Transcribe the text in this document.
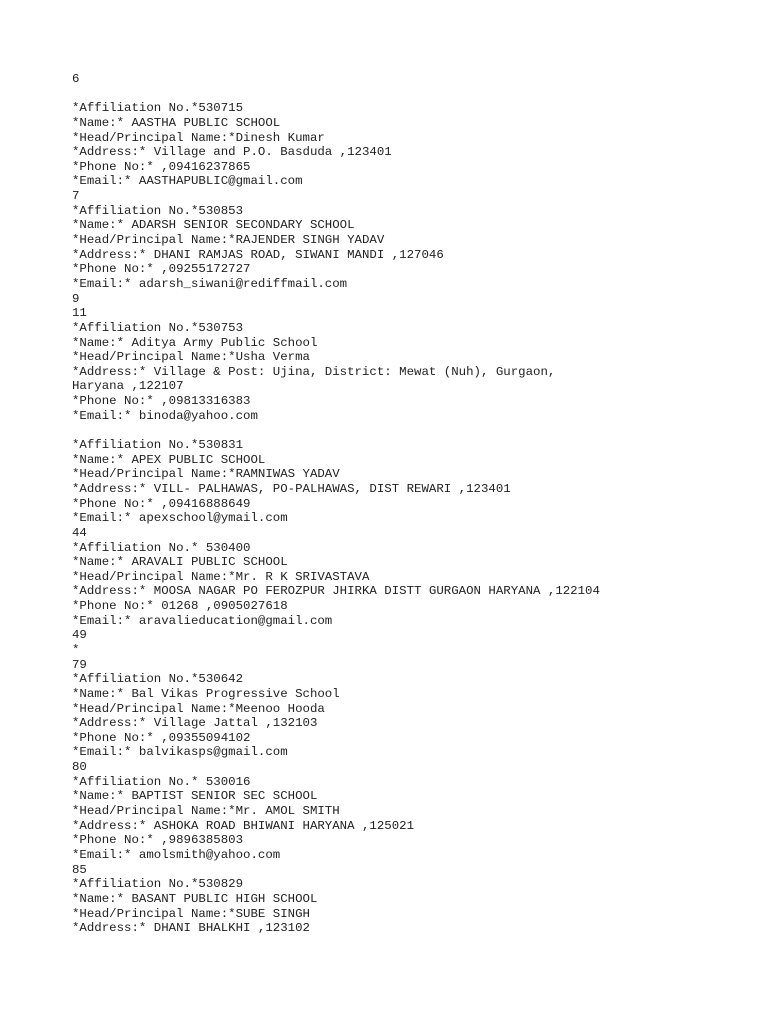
6
*Affiliation No.*530715
*Name:* AASTHA PUBLIC SCHOOL
*Head/Principal Name:*Dinesh Kumar
*Address:* Village and P.O. Basduda ,123401
*Phone No:* ,09416237865
*Email:* AASTHAPUBLIC@gmail.com
7
*Affiliation No.*530853
*Name:* ADARSH SENIOR SECONDARY SCHOOL
*Head/Principal Name:*RAJENDER SINGH YADAV
*Address:* DHANI RAMJAS ROAD, SIWANI MANDI ,127046
*Phone No:* ,09255172727
*Email:* adarsh_siwani@rediffmail.com
9
11
*Affiliation No.*530753
*Name:* Aditya Army Public School
*Head/Principal Name:*Usha Verma
*Address:* Village & Post: Ujina, District: Mewat (Nuh), Gurgaon,
Haryana ,122107
*Phone No:* ,09813316383
*Email:* binoda@yahoo.com
*Affiliation No.*530831
*Name:* APEX PUBLIC SCHOOL
*Head/Principal Name:*RAMNIWAS YADAV
*Address:* VILL- PALHAWAS, PO-PALHAWAS, DIST REWARI ,123401
*Phone No:* ,09416888649
*Email:* apexschool@ymail.com
44
*Affiliation No.* 530400
*Name:* ARAVALI PUBLIC SCHOOL
*Head/Principal Name:*Mr. R K SRIVASTAVA
*Address:* MOOSA NAGAR PO FEROZPUR JHIRKA DISTT GURGAON HARYANA ,122104
*Phone No:* 01268 ,0905027618
*Email:* aravalieducation@gmail.com
49
*
79
*Affiliation No.*530642
*Name:* Bal Vikas Progressive School
*Head/Principal Name:*Meenoo Hooda
*Address:* Village Jattal ,132103
*Phone No:* ,09355094102
*Email:* balvikasps@gmail.com
80
*Affiliation No.* 530016
*Name:* BAPTIST SENIOR SEC SCHOOL
*Head/Principal Name:*Mr. AMOL SMITH
*Address:* ASHOKA ROAD BHIWANI HARYANA ,125021
*Phone No:* ,9896385803
*Email:* amolsmith@yahoo.com
85
*Affiliation No.*530829
*Name:* BASANT PUBLIC HIGH SCHOOL
*Head/Principal Name:*SUBE SINGH
*Address:* DHANI BHALKHI ,123102
